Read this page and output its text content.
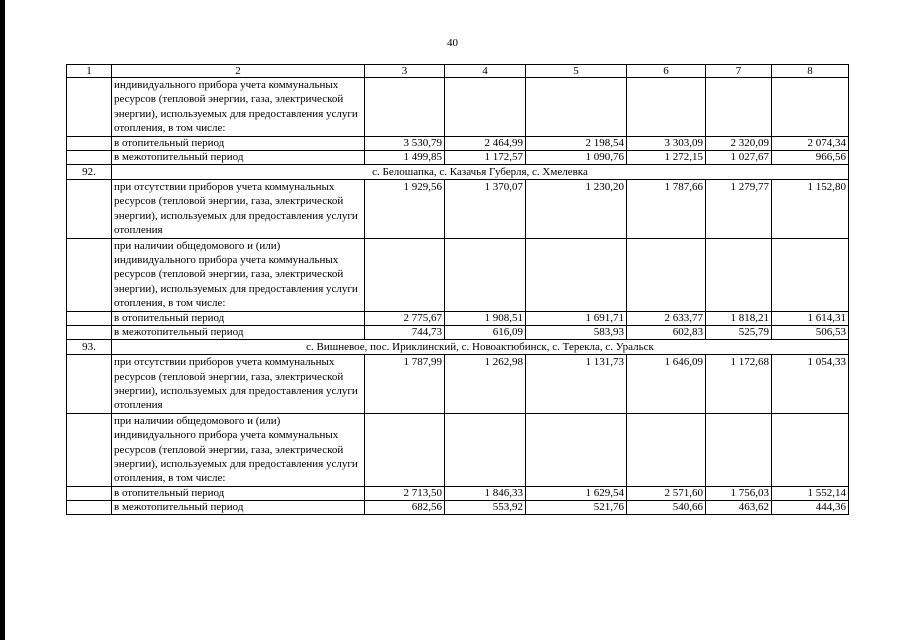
40
1	2	3	4	5	6	7	8
	индивидуального прибора учета коммунальных ресурсов (тепловой энергии, газа, электрической энергии), используемых для предоставления услуги отопления, в том числе:						
	в отопительный период	3 530,79	2 464,99	2 198,54	3 303,09	2 320,09	2 074,34
	в межотопительный период	1 499,85	1 172,57	1 090,76	1 272,15	1 027,67	966,56
92.	с. Белошапка, с. Казачья Губерля, с. Хмелевка						
	при отсутствии приборов учета коммунальных ресурсов (тепловой энергии, газа, электрической энергии), используемых для предоставления услуги отопления	1 929,56	1 370,07	1 230,20	1 787,66	1 279,77	1 152,80
	при наличии общедомового и (или) индивидуального прибора учета коммунальных ресурсов (тепловой энергии, газа, электрической энергии), используемых для предоставления услуги отопления, в том числе:						
	в отопительный период	2 775,67	1 908,51	1 691,71	2 633,77	1 818,21	1 614,31
	в межотопительный период	744,73	616,09	583,93	602,83	525,79	506,53
93.	с. Вишневое, пос. Ириклинский, с. Новоактюбинск, с. Терекла, с. Уральск						
	при отсутствии приборов учета коммунальных ресурсов (тепловой энергии, газа, электрической энергии), используемых для предоставления услуги отопления	1 787,99	1 262,98	1 131,73	1 646,09	1 172,68	1 054,33
	при наличии общедомового и (или) индивидуального прибора учета коммунальных ресурсов (тепловой энергии, газа, электрической энергии), используемых для предоставления услуги отопления, в том числе:						
	в отопительный период	2 713,50	1 846,33	1 629,54	2 571,60	1 756,03	1 552,14
	в межотопительный период	682,56	553,92	521,76	540,66	463,62	444,36
